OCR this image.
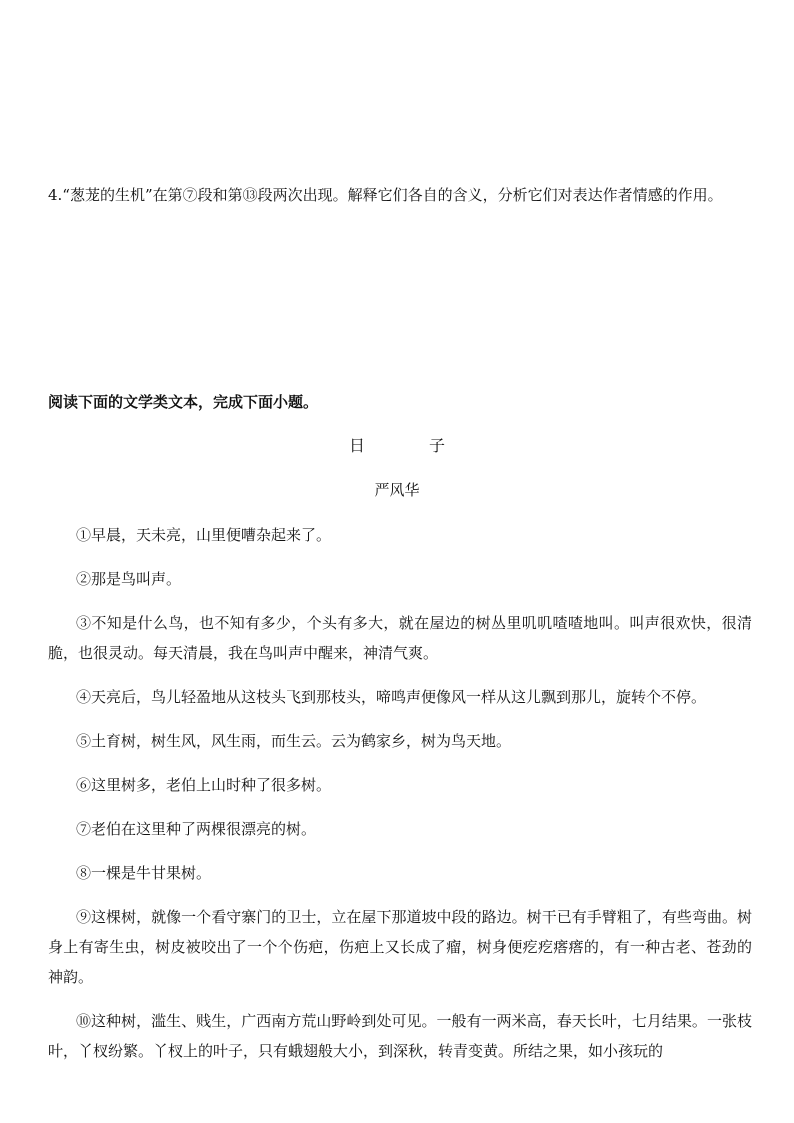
4.“葱茏的生机”在第⑦段和第⑬段两次出现。解释它们各自的含义，分析它们对表达作者情感的作用。

阅读下面的文学类文本，完成下面小题。

日子

严风华

①早晨，天未亮，山里便嘈杂起来了。

②那是鸟叫声。

③不知是什么鸟，也不知有多少，个头有多大，就在屋边的树丛里叽叽喳喳地叫。叫声很欢快，很清脆，也很灵动。每天清晨，我在鸟叫声中醒来，神清气爽。

④天亮后，鸟儿轻盈地从这枝头飞到那枝头，啼鸣声便像风一样从这儿飘到那儿，旋转个不停。

⑤土育树，树生风，风生雨，而生云。云为鹤家乡，树为鸟天地。

⑥这里树多，老伯上山时种了很多树。

⑦老伯在这里种了两棵很漂亮的树。

⑧一棵是牛甘果树。

⑨这棵树，就像一个看守寨门的卫士，立在屋下那道坡中段的路边。树干已有手臂粗了，有些弯曲。树身上有寄生虫，树皮被咬出了一个个伤疤，伤疤上又长成了瘤，树身便疙疙瘩瘩的，有一种古老、苍劲的神韵。

⑩这种树，滥生、贱生，广西南方荒山野岭到处可见。一般有一两米高，春天长叶，七月结果。一张枝叶，丫杈纷繁。丫杈上的叶子，只有蛾翅般大小，到深秋，转青变黄。所结之果，如小孩玩的
